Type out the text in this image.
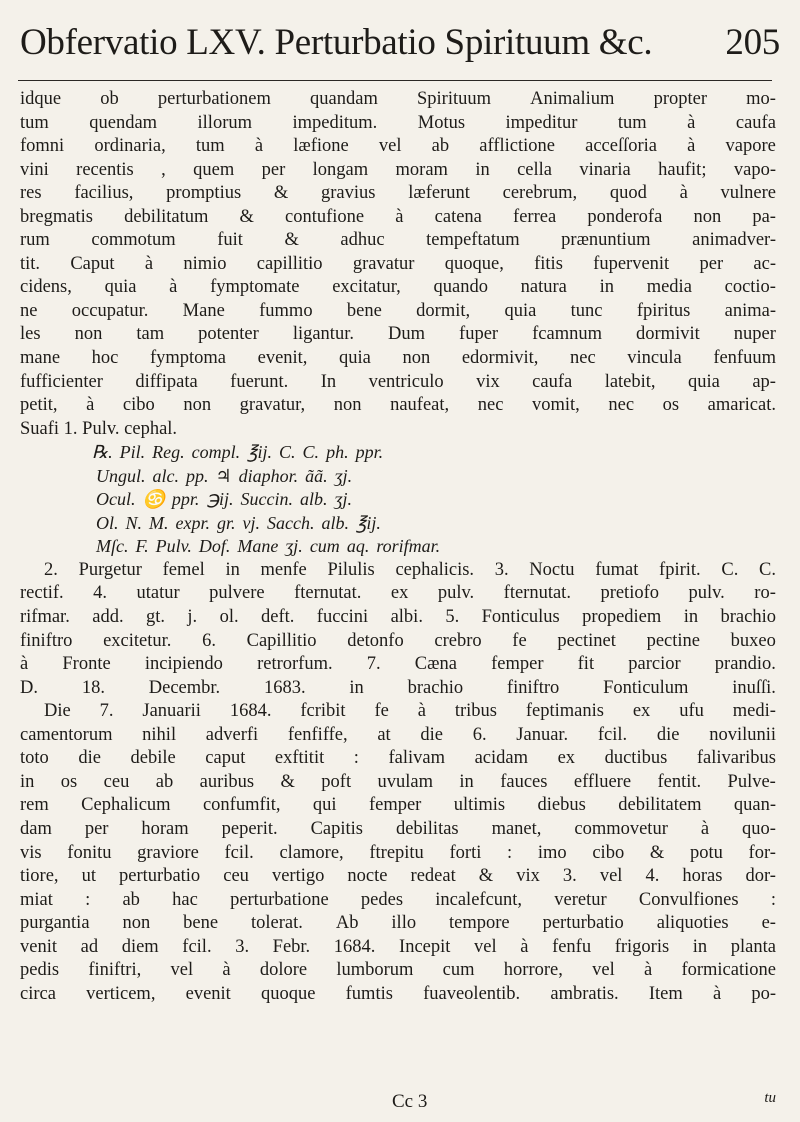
Obfervatio LXV. Perturbatio Spirituum &c. 205
idque ob perturbationem quandam Spirituum Animalium propter mo-
tum quendam illorum impeditum. Motus impeditur tum à caufa
fomni ordinaria, tum à læfione vel ab afflictione acceſſoria à vapore
vini recentis , quem per longam moram in cella vinaria haufit; vapo-
res facilius, promptius & gravius læferunt cerebrum, quod à vulnere
bregmatis debilitatum & contufione à catena ferrea ponderofa non pa-
rum commotum fuit & adhuc tempeftatum prænuntium animadver-
tit. Caput à nimio capillitio gravatur quoque, fitis fupervenit per ac-
cidens, quia à fymptomate excitatur, quando natura in media coctio-
ne occupatur. Mane fummo bene dormit, quia tunc fpiritus anima-
les non tam potenter ligantur. Dum fuper fcamnum dormivit nuper
mane hoc fymptoma evenit, quia non edormivit, nec vincula fenfuum
fufficienter diffipata fuerunt. In ventriculo vix caufa latebit, quia ap-
petit, à cibo non gravatur, non naufeat, nec vomit, nec os amaricat.
Suafi 1. Pulv. cephal.
℞. Pil. Reg. compl. ℥ij. C. C. ph. ppr.
Ungul. alc. pp. ♃ diaphor. ãã. ʒj.
Ocul. ♋ ppr. ℈ij. Succin. alb. ʒj.
Ol. N. M. expr. gr. vj. Sacch. alb. ℥ij.
Mſc. F. Pulv. Dof. Mane ʒj. cum aq. rorifmar.
2. Purgetur femel in menfe Pilulis cephalicis. 3. Noctu fumat fpirit. C. C.
rectif. 4. utatur pulvere fternutat. ex pulv. fternutat. pretiofo pulv. ro-
rifmar. add. gt. j. ol. deft. fuccini albi. 5. Fonticulus propediem in brachio
finiftro excitetur. 6. Capillitio detonfo crebro fe pectinet pectine buxeo
à Fronte incipiendo retrorfum. 7. Cæna femper fit parcior prandio.
D. 18. Decembr. 1683. in brachio finiftro Fonticulum inuſſi.
Die 7. Januarii 1684. fcribit fe à tribus feptimanis ex ufu medi-
camentorum nihil adverfi fenfiffe, at die 6. Januar. fcil. die novilunii
toto die debile caput exftitit : falivam acidam ex ductibus falivaribus
in os ceu ab auribus & poft uvulam in fauces effluere fentit. Pulve-
rem Cephalicum confumfit, qui femper ultimis diebus debilitatem quan-
dam per horam peperit. Capitis debilitas manet, commovetur à quo-
vis fonitu graviore fcil. clamore, ftrepitu forti : imo cibo & potu for-
tiore, ut perturbatio ceu vertigo nocte redeat & vix 3. vel 4. horas dor-
miat : ab hac perturbatione pedes incalefcunt, veretur Convulfiones :
purgantia non bene tolerat. Ab illo tempore perturbatio aliquoties e-
venit ad diem fcil. 3. Febr. 1684. Incepit vel à fenfu frigoris in planta
pedis finiftri, vel à dolore lumborum cum horrore, vel à formicatione
circa verticem, evenit quoque fumtis fuaveolentib. ambratis. Item à po-
Cc 3	tu
